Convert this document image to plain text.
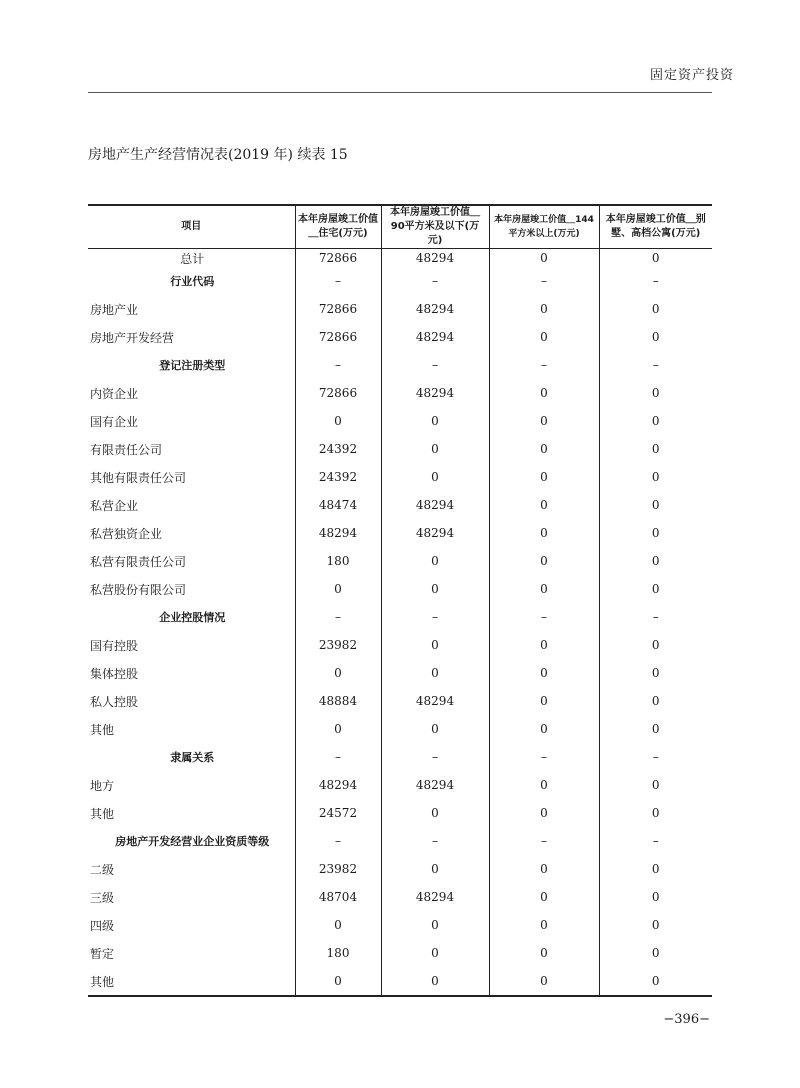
固定资产投资
房地产生产经营情况表(2019 年) 续表 15
项目	本年房屋竣工价值＿住宅(万元)	本年房屋竣工价值＿90平方米及以下(万元)	本年房屋竣工价值＿144平方米以上(万元)	本年房屋竣工价值＿别墅、高档公寓(万元)
总计	72866	48294	0	0
行业代码	–	–	–	–
房地产业	72866	48294	0	0
房地产开发经营	72866	48294	0	0
登记注册类型	–	–	–	–
内资企业	72866	48294	0	0
国有企业	0	0	0	0
有限责任公司	24392	0	0	0
其他有限责任公司	24392	0	0	0
私营企业	48474	48294	0	0
私营独资企业	48294	48294	0	0
私营有限责任公司	180	0	0	0
私营股份有限公司	0	0	0	0
企业控股情况	–	–	–	–
国有控股	23982	0	0	0
集体控股	0	0	0	0
私人控股	48884	48294	0	0
其他	0	0	0	0
隶属关系	–	–	–	–
地方	48294	48294	0	0
其他	24572	0	0	0
房地产开发经营业企业资质等级	–	–	–	–
二级	23982	0	0	0
三级	48704	48294	0	0
四级	0	0	0	0
暂定	180	0	0	0
其他	0	0	0	0
−396−
